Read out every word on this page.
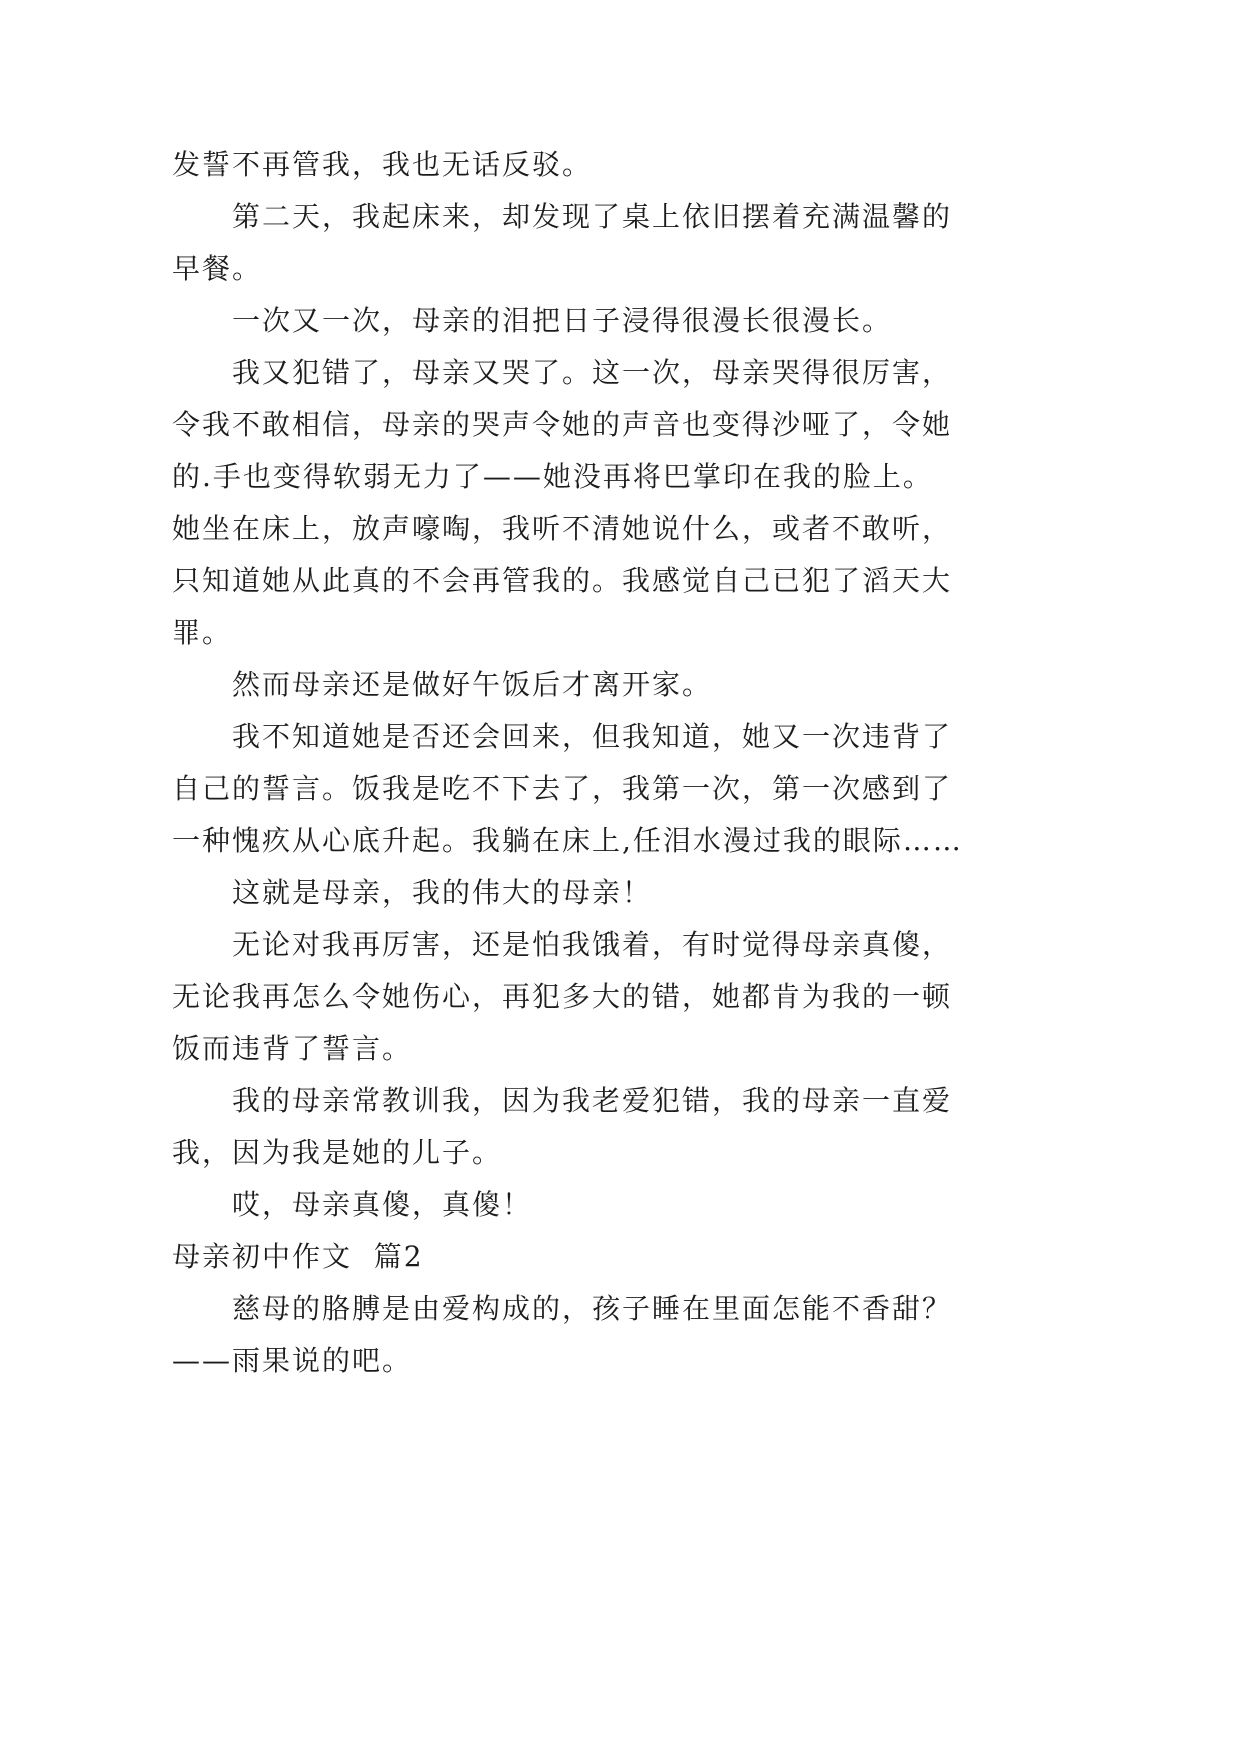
发誓不再管我，我也无话反驳。
第二天，我起床来，却发现了桌上依旧摆着充满温馨的
早餐。
一次又一次，母亲的泪把日子浸得很漫长很漫长。
我又犯错了，母亲又哭了。这一次，母亲哭得很厉害，
令我不敢相信，母亲的哭声令她的声音也变得沙哑了，令她
的.手也变得软弱无力了——她没再将巴掌印在我的脸上。
她坐在床上，放声嚎啕，我听不清她说什么，或者不敢听，
只知道她从此真的不会再管我的。我感觉自己已犯了滔天大
罪。
然而母亲还是做好午饭后才离开家。
我不知道她是否还会回来，但我知道，她又一次违背了
自己的誓言。饭我是吃不下去了，我第一次，第一次感到了
一种愧疚从心底升起。我躺在床上,任泪水漫过我的眼际……
这就是母亲，我的伟大的母亲！
无论对我再厉害，还是怕我饿着，有时觉得母亲真傻，
无论我再怎么令她伤心，再犯多大的错，她都肯为我的一顿
饭而违背了誓言。
我的母亲常教训我，因为我老爱犯错，我的母亲一直爱
我，因为我是她的儿子。
哎，母亲真傻，真傻！
母亲初中作文  篇2
慈母的胳膊是由爱构成的，孩子睡在里面怎能不香甜？
——雨果说的吧。
